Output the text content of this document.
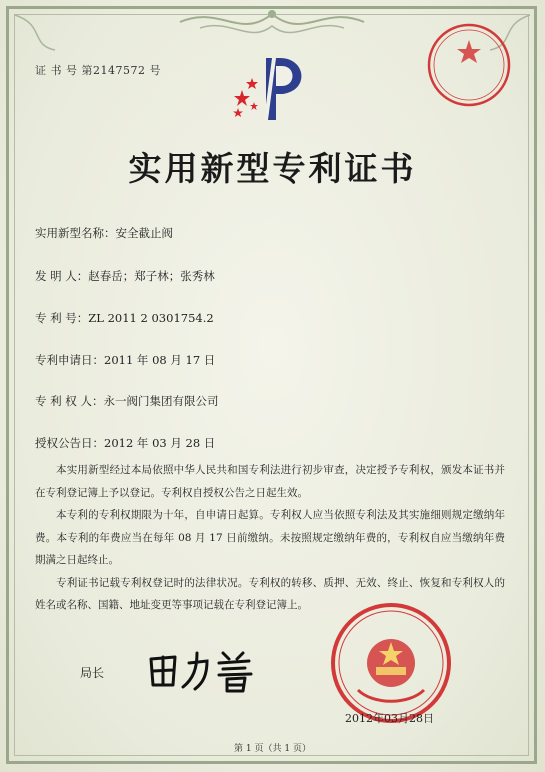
证 书 号 第2147572 号
实用新型专利证书
实用新型名称：安全截止阀
发 明 人：赵春岳；郑子林；张秀林
专 利 号：ZL 2011 2 0301754.2
专利申请日：2011 年 08 月 17 日
专 利 权 人：永一阀门集团有限公司
授权公告日：2012 年 03 月 28 日

本实用新型经过本局依照中华人民共和国专利法进行初步审查，决定授予专利权，颁发本证书并在专利登记簿上予以登记。专利权自授权公告之日起生效。

本专利的专利权期限为十年，自申请日起算。专利权人应当依照专利法及其实施细则规定缴纳年费。本专利的年费应当在每年 08 月 17 日前缴纳。未按照规定缴纳年费的，专利权自应当缴纳年费期满之日起终止。

专利证书记载专利权登记时的法律状况。专利权的转移、质押、无效、终止、恢复和专利权人的姓名或名称、国籍、地址变更等事项记载在专利登记簿上。

局长
2012年03月28日
第 1 页（共 1 页）
